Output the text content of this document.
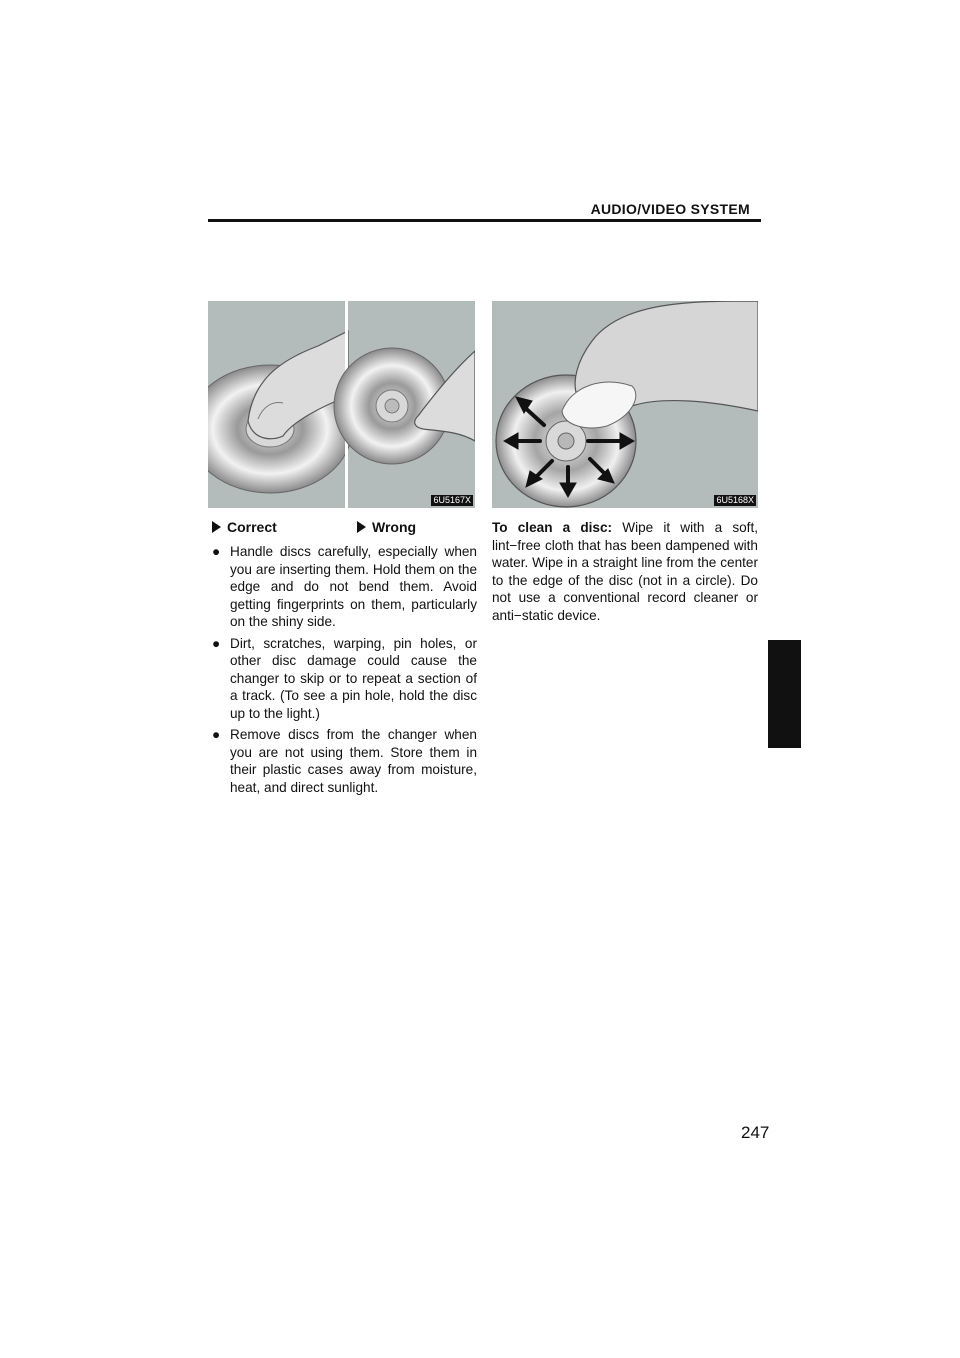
AUDIO/VIDEO SYSTEM
6U5167X	6U5168X
Correct	Wrong
● Handle discs carefully, especially when you are inserting them. Hold them on the edge and do not bend them. Avoid getting fingerprints on them, particularly on the shiny side.
● Dirt, scratches, warping, pin holes, or other disc damage could cause the changer to skip or to repeat a section of a track. (To see a pin hole, hold the disc up to the light.)
● Remove discs from the changer when you are not using them. Store them in their plastic cases away from moisture, heat, and direct sunlight.

To clean a disc: Wipe it with a soft, lint−free cloth that has been dampened with water. Wipe in a straight line from the center to the edge of the disc (not in a circle). Do not use a conventional record cleaner or anti−static device.

247
